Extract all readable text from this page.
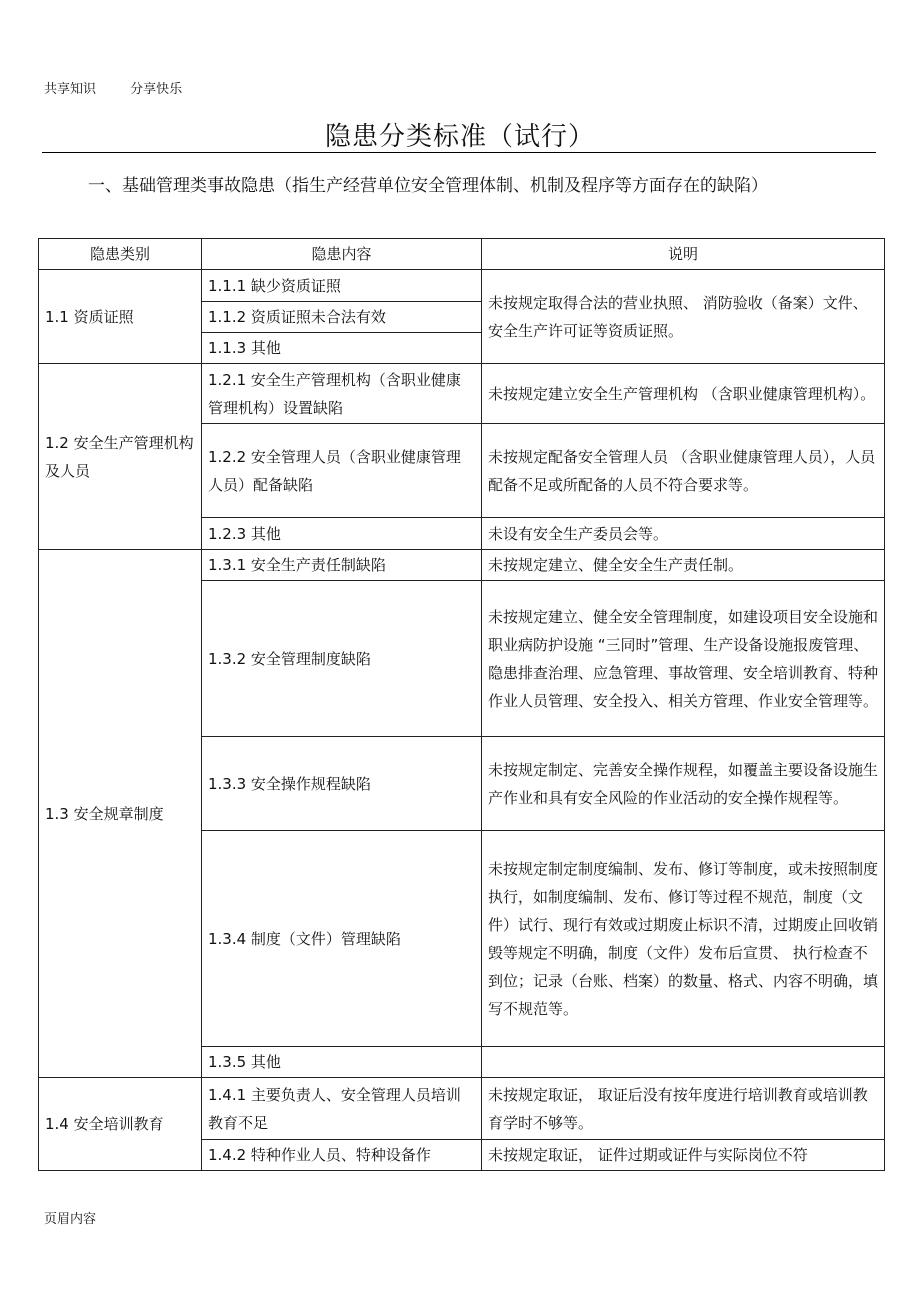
共享知识	分享快乐
隐患分类标准（试行）

一、基础管理类事故隐患（指生产经营单位安全管理体制、机制及程序等方面存在的缺陷）

隐患类别	隐患内容	说明
1.1 资质证照	1.1.1 缺少资质证照	未按规定取得合法的营业执照、 消防验收（备案）文件、安全生产许可证等资质证照。
	1.1.2 资质证照未合法有效	
	1.1.3 其他	
1.2 安全生产管理机构及人员	1.2.1 安全生产管理机构（含职业健康管理机构）设置缺陷	未按规定建立安全生产管理机构 （含职业健康管理机构）。
	1.2.2 安全管理人员（含职业健康管理人员）配备缺陷	未按规定配备安全管理人员 （含职业健康管理人员），人员配备不足或所配备的人员不符合要求等。
	1.2.3 其他	未设有安全生产委员会等。
1.3 安全规章制度	1.3.1 安全生产责任制缺陷	未按规定建立、健全安全生产责任制。
	1.3.2 安全管理制度缺陷	未按规定建立、健全安全管理制度，如建设项目安全设施和职业病防护设施 “三同时”管理、生产设备设施报废管理、隐患排查治理、应急管理、事故管理、安全培训教育、特种作业人员管理、安全投入、相关方管理、作业安全管理等。
	1.3.3 安全操作规程缺陷	未按规定制定、完善安全操作规程，如覆盖主要设备设施生产作业和具有安全风险的作业活动的安全操作规程等。
	1.3.4 制度（文件）管理缺陷	未按规定制定制度编制、发布、修订等制度，或未按照制度执行，如制度编制、发布、修订等过程不规范，制度（文件）试行、现行有效或过期废止标识不清，过期废止回收销毁等规定不明确，制度（文件）发布后宣贯、 执行检查不到位；记录（台账、档案）的数量、格式、内容不明确，填写不规范等。
	1.3.5 其他	
1.4 安全培训教育	1.4.1 主要负责人、安全管理人员培训教育不足	未按规定取证， 取证后没有按年度进行培训教育或培训教育学时不够等。
	1.4.2 特种作业人员、特种设备作	未按规定取证， 证件过期或证件与实际岗位不符
页眉内容
